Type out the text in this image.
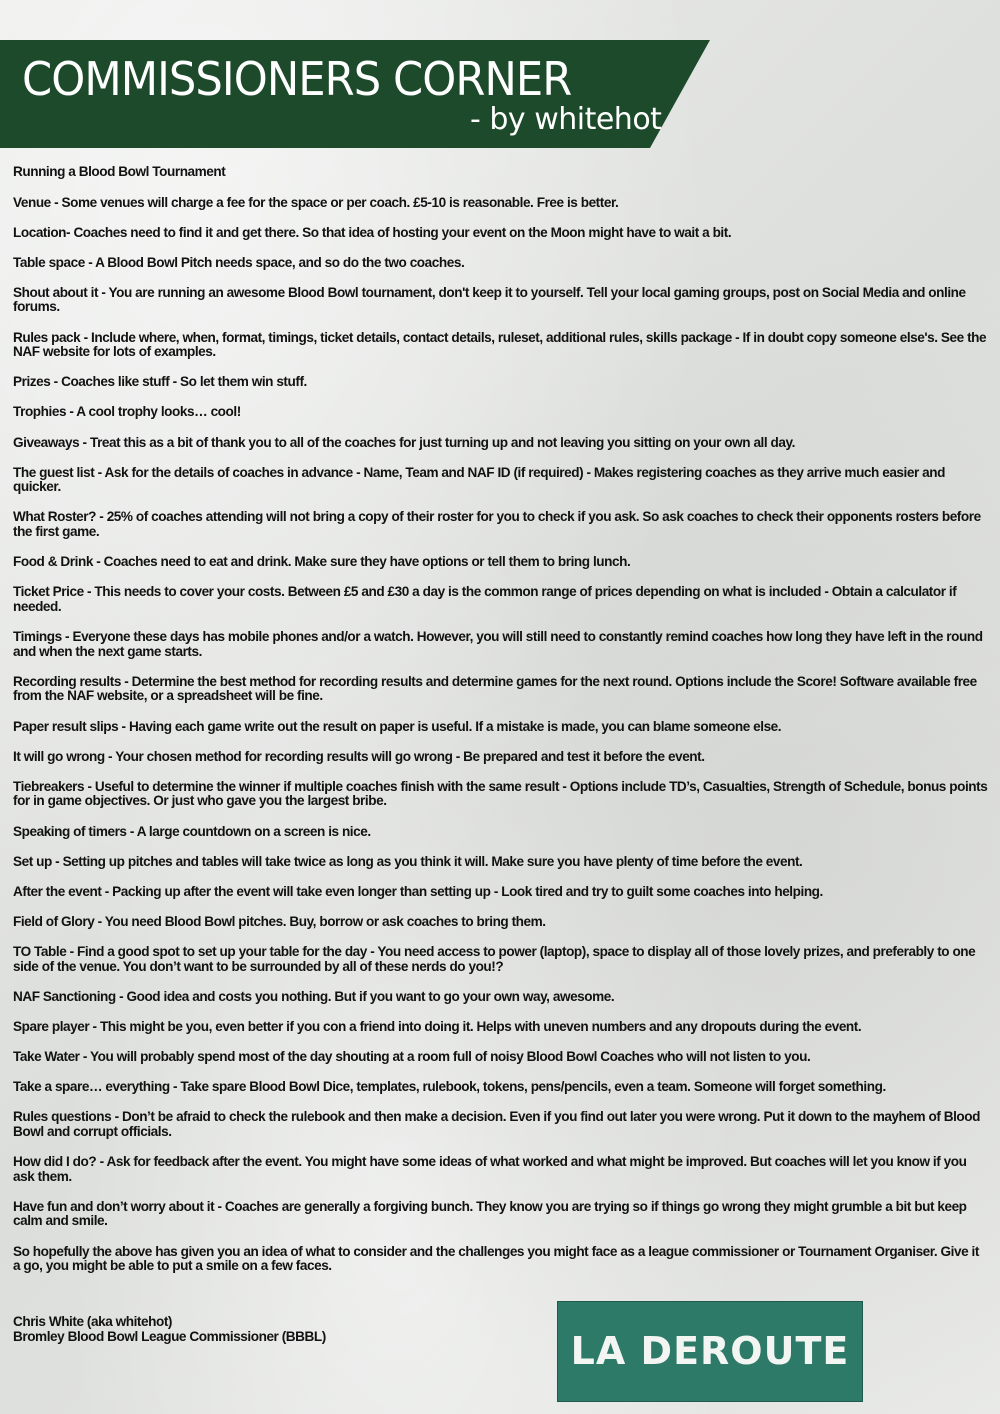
COMMISSIONERS CORNER
- by whitehot

Running a Blood Bowl Tournament

Venue - Some venues will charge a fee for the space or per coach. £5-10 is reasonable. Free is better.

Location- Coaches need to find it and get there. So that idea of hosting your event on the Moon might have to wait a bit.

Table space - A Blood Bowl Pitch needs space, and so do the two coaches.

Shout about it - You are running an awesome Blood Bowl tournament, don't keep it to yourself. Tell your local gaming groups, post on Social Media and online forums.

Rules pack - Include where, when, format, timings, ticket details, contact details, ruleset, additional rules, skills package - If in doubt copy someone else's. See the NAF website for lots of examples.

Prizes - Coaches like stuff - So let them win stuff.

Trophies - A cool trophy looks… cool!

Giveaways - Treat this as a bit of thank you to all of the coaches for just turning up and not leaving you sitting on your own all day.

The guest list - Ask for the details of coaches in advance - Name, Team and NAF ID (if required) - Makes registering coaches as they arrive much easier and quicker.

What Roster? - 25% of coaches attending will not bring a copy of their roster for you to check if you ask. So ask coaches to check their opponents rosters before the first game.

Food & Drink - Coaches need to eat and drink. Make sure they have options or tell them to bring lunch.

Ticket Price - This needs to cover your costs. Between £5 and £30 a day is the common range of prices depending on what is included - Obtain a calculator if needed.

Timings - Everyone these days has mobile phones and/or a watch. However, you will still need to constantly remind coaches how long they have left in the round and when the next game starts.

Recording results - Determine the best method for recording results and determine games for the next round. Options include the Score! Software available free from the NAF website, or a spreadsheet will be fine.

Paper result slips - Having each game write out the result on paper is useful. If a mistake is made, you can blame someone else.

It will go wrong - Your chosen method for recording results will go wrong - Be prepared and test it before the event.

Tiebreakers - Useful to determine the winner if multiple coaches finish with the same result - Options include TD’s, Casualties, Strength of Schedule, bonus points for in game objectives. Or just who gave you the largest bribe.

Speaking of timers - A large countdown on a screen is nice.

Set up - Setting up pitches and tables will take twice as long as you think it will. Make sure you have plenty of time before the event.

After the event - Packing up after the event will take even longer than setting up - Look tired and try to guilt some coaches into helping.

Field of Glory - You need Blood Bowl pitches. Buy, borrow or ask coaches to bring them.

TO Table - Find a good spot to set up your table for the day - You need access to power (laptop), space to display all of those lovely prizes, and preferably to one side of the venue. You don’t want to be surrounded by all of these nerds do you!?

NAF Sanctioning - Good idea and costs you nothing. But if you want to go your own way, awesome.

Spare player - This might be you, even better if you con a friend into doing it. Helps with uneven numbers and any dropouts during the event.

Take Water - You will probably spend most of the day shouting at a room full of noisy Blood Bowl Coaches who will not listen to you.

Take a spare… everything - Take spare Blood Bowl Dice, templates, rulebook, tokens, pens/pencils, even a team. Someone will forget something.

Rules questions - Don’t be afraid to check the rulebook and then make a decision. Even if you find out later you were wrong. Put it down to the mayhem of Blood Bowl and corrupt officials.

How did I do? - Ask for feedback after the event. You might have some ideas of what worked and what might be improved. But coaches will let you know if you ask them.

Have fun and don’t worry about it - Coaches are generally a forgiving bunch. They know you are trying so if things go wrong they might grumble a bit but keep calm and smile.

So hopefully the above has given you an idea of what to consider and the challenges you might face as a league commissioner or Tournament Organiser. Give it a go, you might be able to put a smile on a few faces.

Chris White (aka whitehot)

Bromley Blood Bowl League Commissioner (BBBL)	LA DEROUTE
